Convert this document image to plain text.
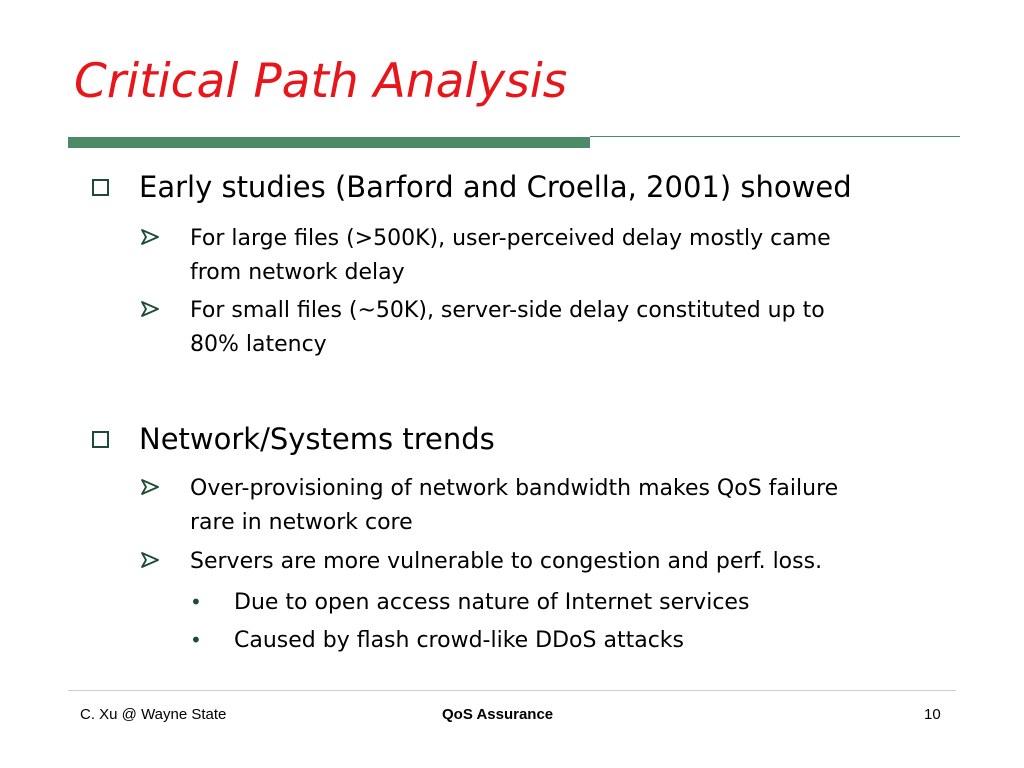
Critical Path Analysis
Early studies (Barford and Croella, 2001) showed
For large files (>500K), user-perceived delay mostly came
from network delay
For small files (~50K), server-side delay constituted up to
80% latency
Network/Systems trends
Over-provisioning of network bandwidth makes QoS failure
rare in network core
Servers are more vulnerable to congestion and perf. loss.
• Due to open access nature of Internet services
• Caused by flash crowd-like DDoS attacks
C. Xu @ Wayne State	QoS Assurance	10
